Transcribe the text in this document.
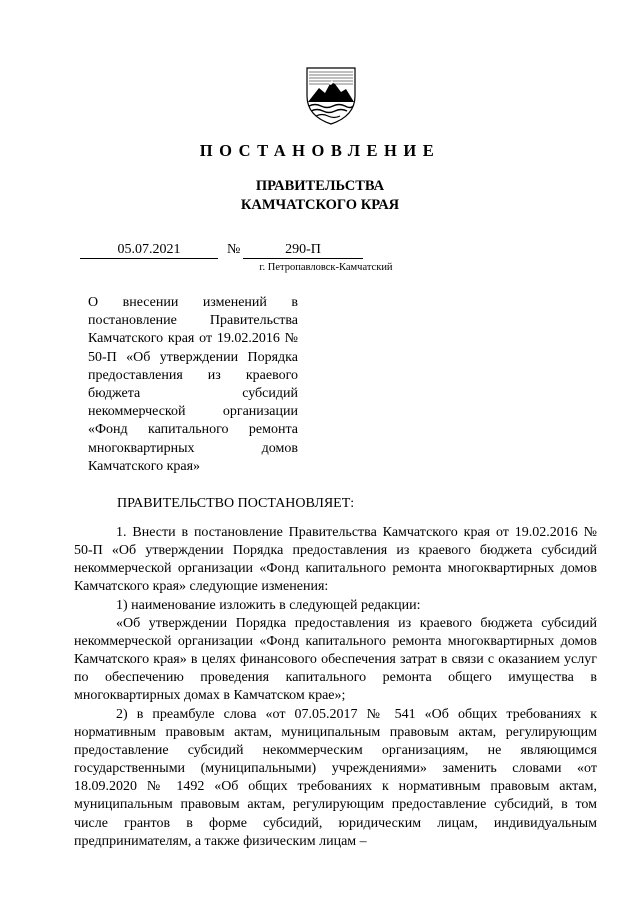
ПОСТАНОВЛЕНИЕ
ПРАВИТЕЛЬСТВА
КАМЧАТСКОГО КРАЯ
05.07.2021	№	290-П
г. Петропавловск-Камчатский

О внесении изменений в постановление Правительства Камчатского края от 19.02.2016 № 50-П «Об утверждении Порядка предоставления из краевого бюджета субсидий некоммерческой организации «Фонд капитального ремонта многоквартирных домов Камчатского края»

ПРАВИТЕЛЬСТВО ПОСТАНОВЛЯЕТ:

1. Внести в постановление Правительства Камчатского края от 19.02.2016 № 50-П «Об утверждении Порядка предоставления из краевого бюджета субсидий некоммерческой организации «Фонд капитального ремонта многоквартирных домов Камчатского края» следующие изменения:

1) наименование изложить в следующей редакции:

«Об утверждении Порядка предоставления из краевого бюджета субсидий некоммерческой организации «Фонд капитального ремонта многоквартирных домов Камчатского края» в целях финансового обеспечения затрат в связи с оказанием услуг по обеспечению проведения капитального ремонта общего имущества в многоквартирных домах в Камчатском крае»;

2) в преамбуле слова «от 07.05.2017 № 541 «Об общих требованиях к нормативным правовым актам, муниципальным правовым актам, регулирующим предоставление субсидий некоммерческим организациям, не являющимся государственными (муниципальными) учреждениями» заменить словами «от 18.09.2020 № 1492 «Об общих требованиях к нормативным правовым актам, муниципальным правовым актам, регулирующим предоставление субсидий, в том числе грантов в форме субсидий, юридическим лицам, индивидуальным предпринимателям, а также физическим лицам –
